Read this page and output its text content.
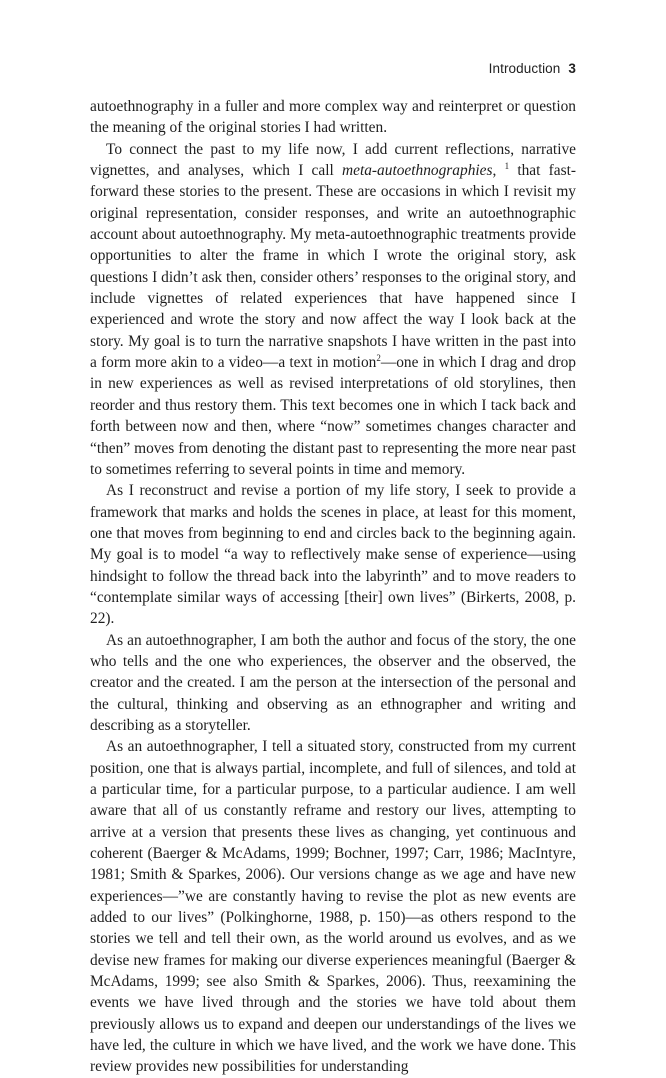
Introduction 3

autoethnography in a fuller and more complex way and reinterpret or question the meaning of the original stories I had written.

To connect the past to my life now, I add current reflections, narrative vignettes, and analyses, which I call meta-autoethnographies, $^1$ that fast-forward these stories to the present. These are occasions in which I revisit my original representation, consider responses, and write an autoethnographic account about autoethnography. My meta-autoethnographic treatments provide opportunities to alter the frame in which I wrote the original story, ask questions I didn’t ask then, consider others’ responses to the original story, and include vignettes of related experiences that have happened since I experienced and wrote the story and now affect the way I look back at the story. My goal is to turn the narrative snapshots I have written in the past into a form more akin to a video—a text in motion$^2$—one in which I drag and drop in new experiences as well as revised interpretations of old storylines, then reorder and thus restory them. This text becomes one in which I tack back and forth between now and then, where “now” sometimes changes character and “then” moves from denoting the distant past to representing the more near past to sometimes referring to several points in time and memory.

As I reconstruct and revise a portion of my life story, I seek to provide a framework that marks and holds the scenes in place, at least for this moment, one that moves from beginning to end and circles back to the beginning again. My goal is to model “a way to reflectively make sense of experience—using hindsight to follow the thread back into the labyrinth” and to move readers to “contemplate similar ways of accessing [their] own lives” (Birkerts, 2008, p. 22).

As an autoethnographer, I am both the author and focus of the story, the one who tells and the one who experiences, the observer and the observed, the creator and the created. I am the person at the intersection of the personal and the cultural, thinking and observing as an ethnographer and writing and describing as a storyteller.

As an autoethnographer, I tell a situated story, constructed from my current position, one that is always partial, incomplete, and full of silences, and told at a particular time, for a particular purpose, to a particular audience. I am well aware that all of us constantly reframe and restory our lives, attempting to arrive at a version that presents these lives as changing, yet continuous and coherent (Baerger & McAdams, 1999; Bochner, 1997; Carr, 1986; MacIntyre, 1981; Smith & Sparkes, 2006). Our versions change as we age and have new experiences—”we are constantly having to revise the plot as new events are added to our lives” (Polkinghorne, 1988, p. 150)—as others respond to the stories we tell and tell their own, as the world around us evolves, and as we devise new frames for making our diverse experiences meaningful (Baerger & McAdams, 1999; see also Smith & Sparkes, 2006). Thus, reexamining the events we have lived through and the stories we have told about them previously allows us to expand and deepen our understandings of the lives we have led, the culture in which we have lived, and the work we have done. This review provides new possibilities for understanding
